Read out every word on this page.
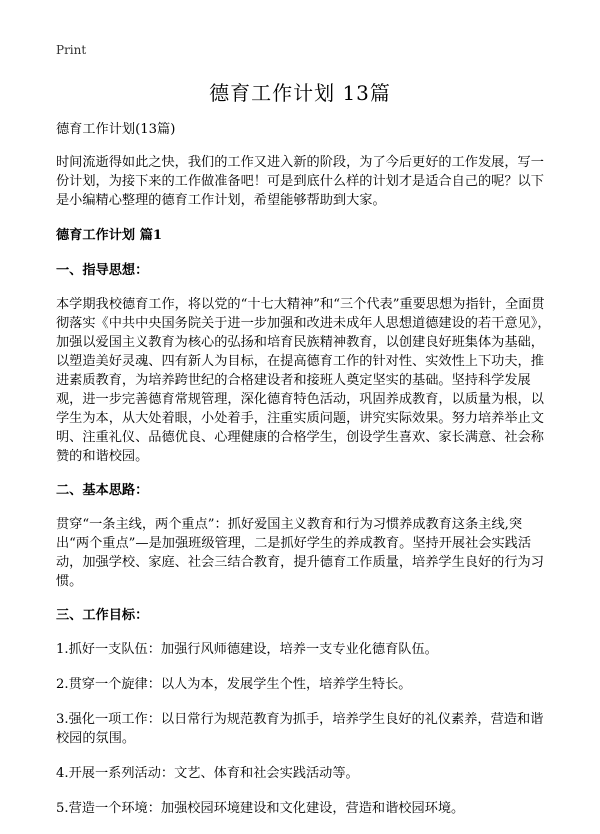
Print
德育工作计划 13篇

德育工作计划(13篇)

时间流逝得如此之快，我们的工作又进入新的阶段，为了今后更好的工作发展，写一份计划，为接下来的工作做准备吧！可是到底什么样的计划才是适合自己的呢？以下是小编精心整理的德育工作计划，希望能够帮助到大家。

德育工作计划 篇1

一、指导思想：

本学期我校德育工作，将以党的“十七大精神”和“三个代表”重要思想为指针，全面贯彻落实《中共中央国务院关于进一步加强和改进未成年人思想道德建设的若干意见》，加强以爱国主义教育为核心的弘扬和培育民族精神教育，以创建良好班集体为基础，以塑造美好灵魂、四有新人为目标，在提高德育工作的针对性、实效性上下功夫，推进素质教育，为培养跨世纪的合格建设者和接班人奠定坚实的基础。坚持科学发展观，进一步完善德育常规管理，深化德育特色活动，巩固养成教育，以质量为根，以学生为本，从大处着眼，小处着手，注重实质问题，讲究实际效果。努力培养举止文明、注重礼仪、品德优良、心理健康的合格学生，创设学生喜欢、家长满意、社会称赞的和谐校园。

二、基本思路：

贯穿“一条主线，两个重点”：抓好爱国主义教育和行为习惯养成教育这条主线,突出“两个重点”—是加强班级管理，二是抓好学生的养成教育。坚持开展社会实践活动，加强学校、家庭、社会三结合教育，提升德育工作质量，培养学生良好的行为习惯。

三、工作目标：

1.抓好一支队伍：加强行风师德建设，培养一支专业化德育队伍。

2.贯穿一个旋律：以人为本，发展学生个性，培养学生特长。

3.强化一项工作：以日常行为规范教育为抓手，培养学生良好的礼仪素养，营造和谐校园的氛围。

4.开展一系列活动：文艺、体育和社会实践活动等。

5.营造一个环境：加强校园环境建设和文化建设，营造和谐校园环境。
